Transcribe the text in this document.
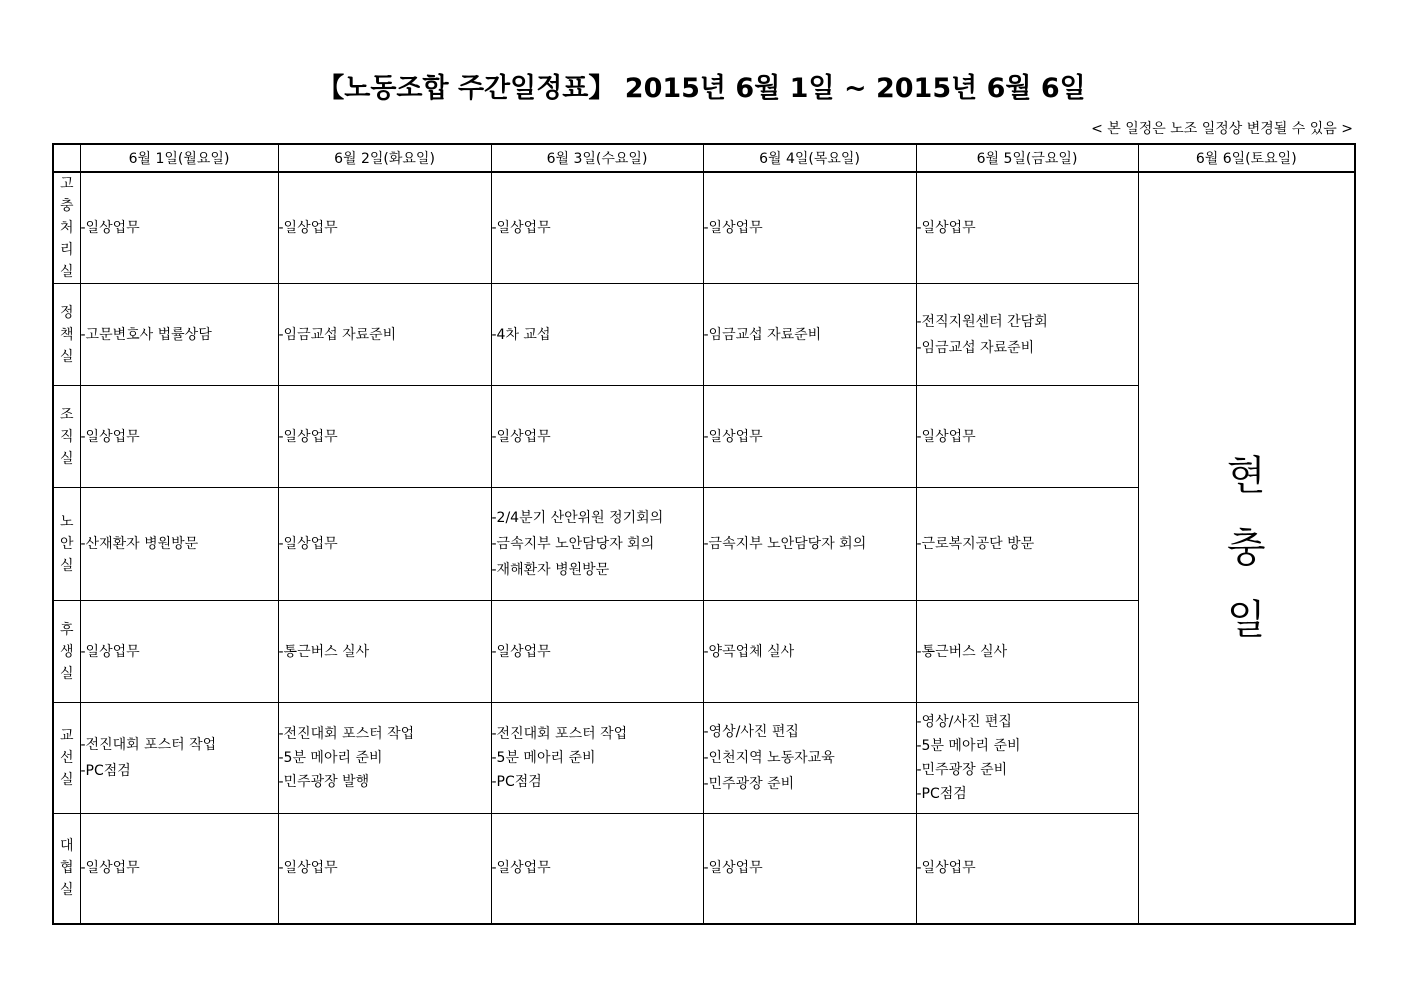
【노동조합 주간일정표】 2015년 6월 1일 ~ 2015년 6월 6일
< 본 일정은 노조 일정상 변경될 수 있음 >
	6월 1일(월요일)	6월 2일(화요일)	6월 3일(수요일)	6월 4일(목요일)	6월 5일(금요일)	6월 6일(토요일)

고
충
처
리
실	-일상업무	-일상업무	-일상업무	-일상업무	-일상업무	현
충
일

정
책
실	-고문변호사 법률상담	-임금교섭 자료준비	-4차 교섭	-임금교섭 자료준비	-전직지원센터 간담회
-임금교섭 자료준비	

조
직
실	-일상업무	-일상업무	-일상업무	-일상업무	-일상업무	

노
안
실	-산재환자 병원방문	-일상업무	-2/4분기 산안위원 정기회의
-금속지부 노안담당자 회의
-재해환자 병원방문	-금속지부 노안담당자 회의	-근로복지공단 방문	

후
생
실	-일상업무	-통근버스 실사	-일상업무	-양곡업체 실사	-통근버스 실사	

교
선
실	-전진대회 포스터 작업
-PC점검	-전진대회 포스터 작업
-5분 메아리 준비
-민주광장 발행	-전진대회 포스터 작업
-5분 메아리 준비
-PC점검	-영상/사진 편집
-인천지역 노동자교육
-민주광장 준비	-영상/사진 편집
-5분 메아리 준비
-민주광장 준비
-PC점검	

대
협
실	-일상업무	-일상업무	-일상업무	-일상업무	-일상업무	
